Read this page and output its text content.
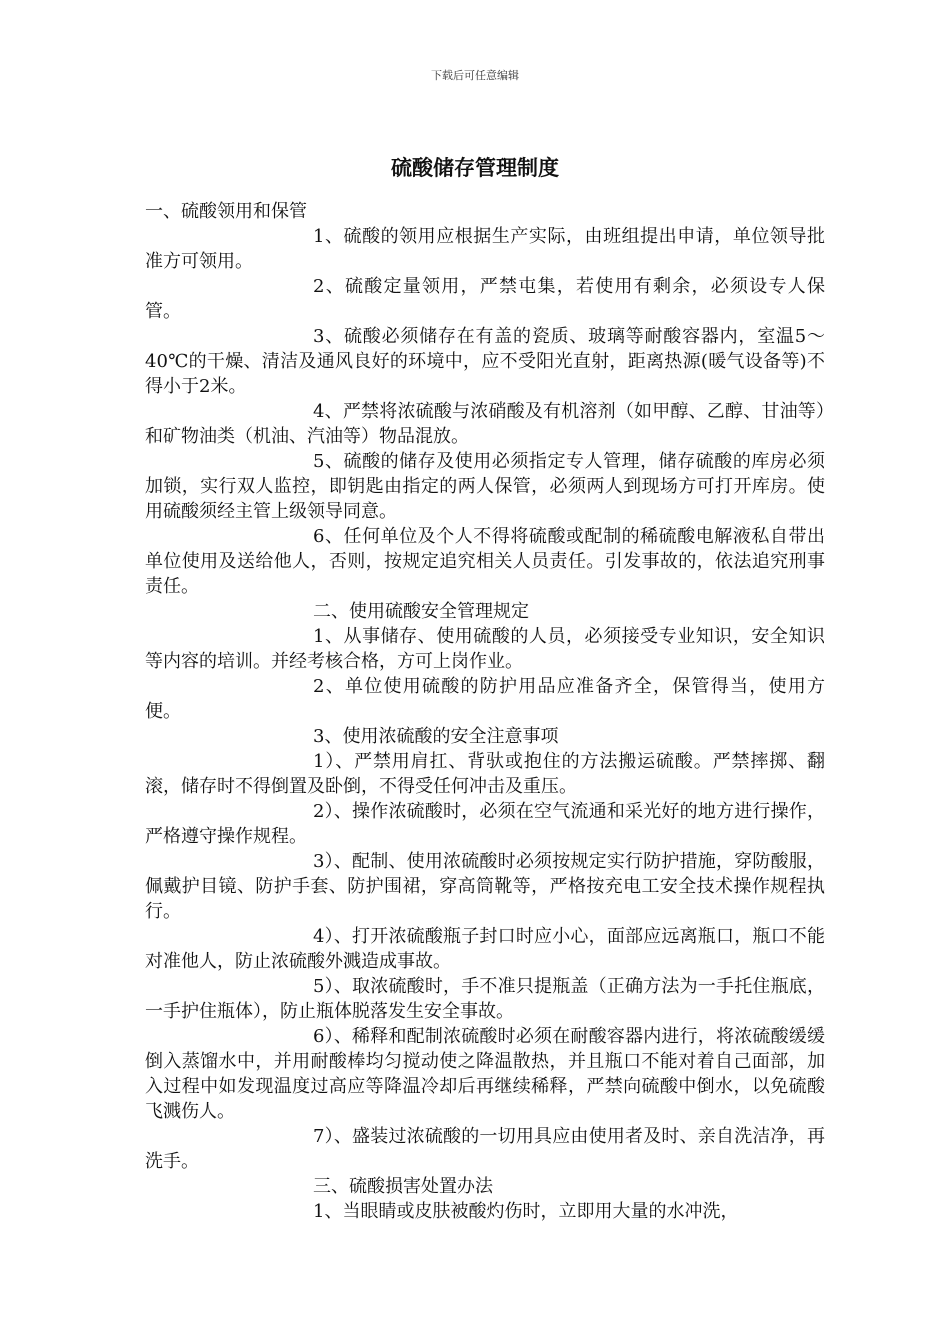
下载后可任意编辑
硫酸储存管理制度

一、硫酸领用和保管

1、硫酸的领用应根据生产实际，由班组提出申请，单位领导批准方可领用。

2、硫酸定量领用，严禁屯集，若使用有剩余，必须设专人保管。

3、硫酸必须储存在有盖的瓷质、玻璃等耐酸容器内，室温5～40℃的干燥、清洁及通风良好的环境中，应不受阳光直射，距离热源(暖气设备等)不得小于2米。

4、严禁将浓硫酸与浓硝酸及有机溶剂（如甲醇、乙醇、甘油等）和矿物油类（机油、汽油等）物品混放。

5、硫酸的储存及使用必须指定专人管理，储存硫酸的库房必须加锁，实行双人监控，即钥匙由指定的两人保管，必须两人到现场方可打开库房。使用硫酸须经主管上级领导同意。

6、任何单位及个人不得将硫酸或配制的稀硫酸电解液私自带出单位使用及送给他人，否则，按规定追究相关人员责任。引发事故的，依法追究刑事责任。

二、使用硫酸安全管理规定

1、从事储存、使用硫酸的人员，必须接受专业知识，安全知识等内容的培训。并经考核合格，方可上岗作业。

2、单位使用硫酸的防护用品应准备齐全，保管得当，使用方便。

3、使用浓硫酸的安全注意事项

1）、严禁用肩扛、背驮或抱住的方法搬运硫酸。严禁摔掷、翻滚，储存时不得倒置及卧倒，不得受任何冲击及重压。

2）、操作浓硫酸时，必须在空气流通和采光好的地方进行操作，严格遵守操作规程。

3）、配制、使用浓硫酸时必须按规定实行防护措施，穿防酸服，佩戴护目镜、防护手套、防护围裙，穿高筒靴等，严格按充电工安全技术操作规程执行。

4）、打开浓硫酸瓶子封口时应小心，面部应远离瓶口，瓶口不能对准他人，防止浓硫酸外溅造成事故。

5）、取浓硫酸时，手不准只提瓶盖（正确方法为一手托住瓶底，一手护住瓶体），防止瓶体脱落发生安全事故。

6）、稀释和配制浓硫酸时必须在耐酸容器内进行，将浓硫酸缓缓倒入蒸馏水中，并用耐酸棒均匀搅动使之降温散热，并且瓶口不能对着自己面部，加入过程中如发现温度过高应等降温冷却后再继续稀释，严禁向硫酸中倒水，以免硫酸飞溅伤人。

7）、盛装过浓硫酸的一切用具应由使用者及时、亲自洗洁净，再洗手。

三、硫酸损害处置办法

1、当眼睛或皮肤被酸灼伤时，立即用大量的水冲洗，
